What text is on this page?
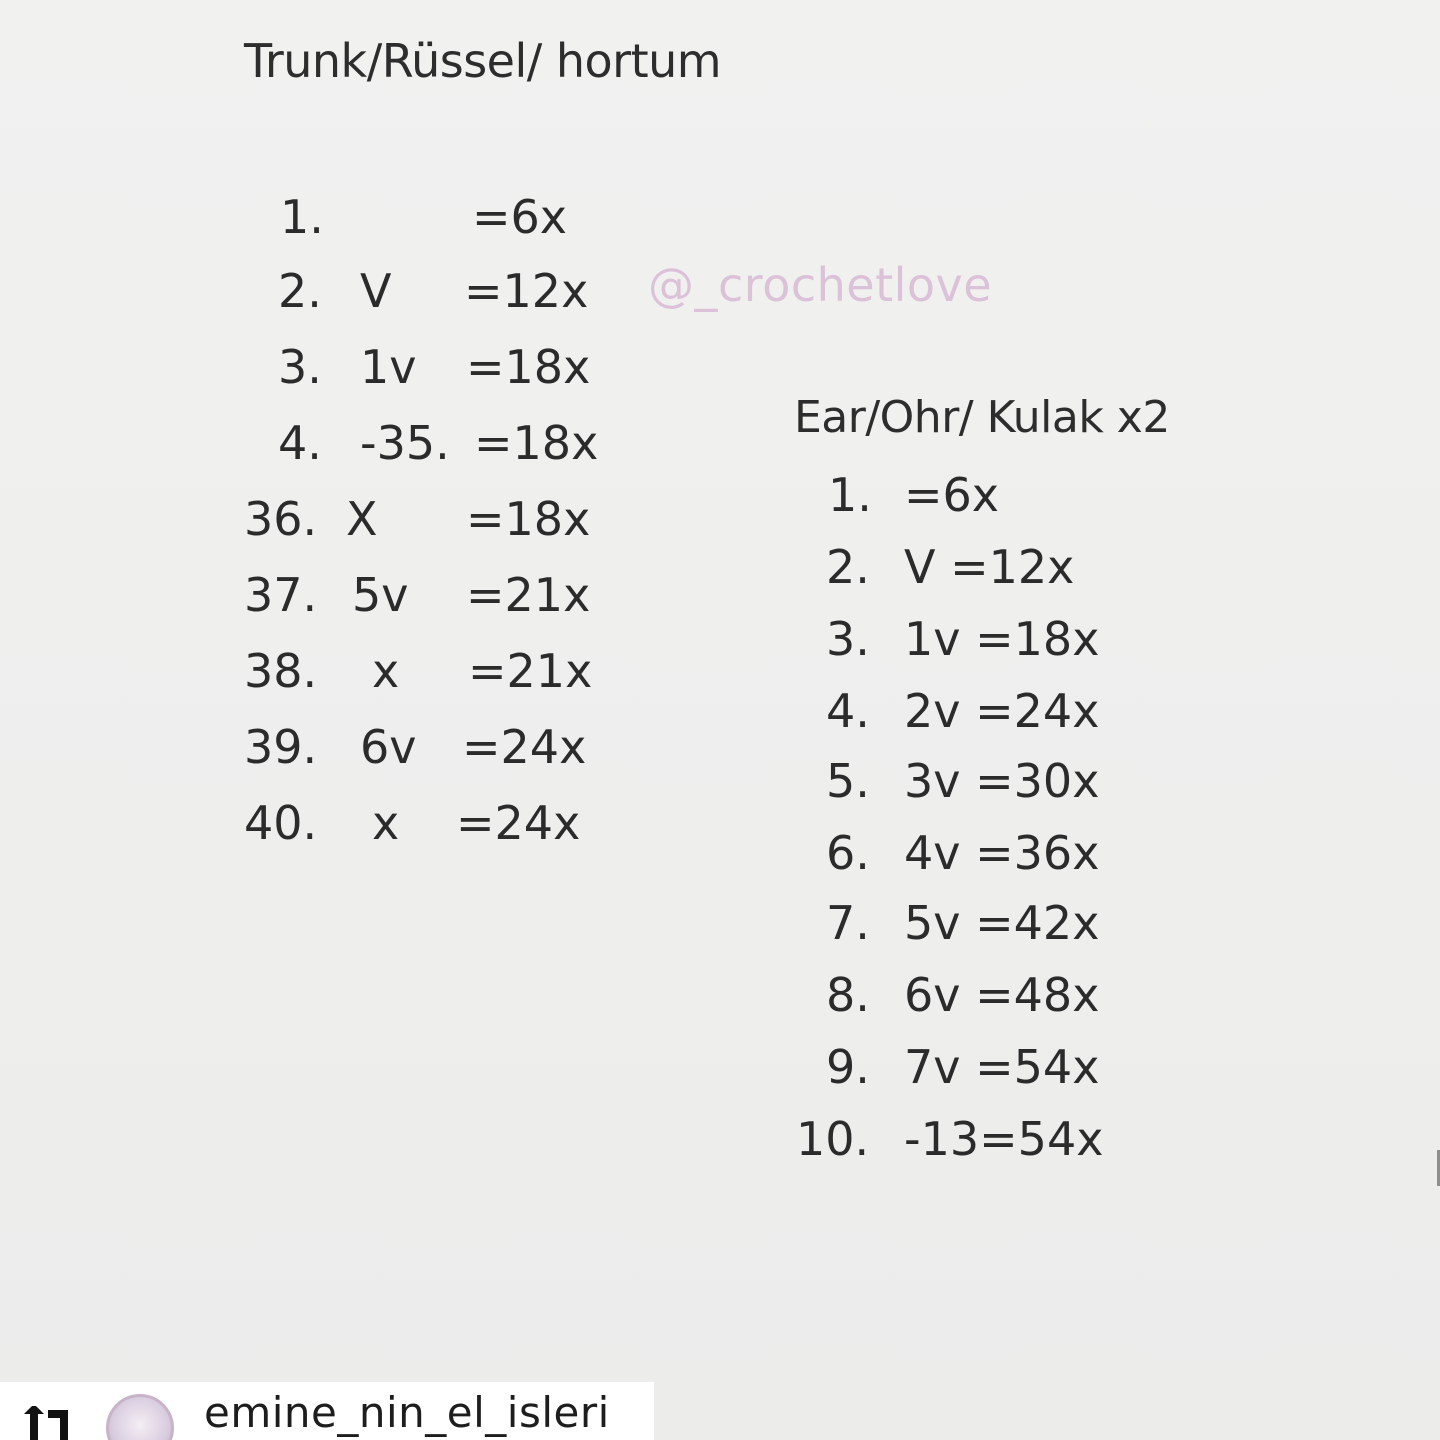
Trunk/Rüssel/ hortum
1.	=6x
2. V =12x
3. 1v =18x
4. -35. =18x
36. X =18x
37. 5v =21x
38. x =21x
39. 6v =24x
40. x =24x
@_crochetlove
Ear/Ohr/ Kulak x2
1. =6x
2. V =12x
3. 1v =18x
4. 2v =24x
5. 3v =30x
6. 4v =36x
7. 5v =42x
8. 6v =48x
9. 7v =54x
10. -13=54x
emine_nin_el_isleri
